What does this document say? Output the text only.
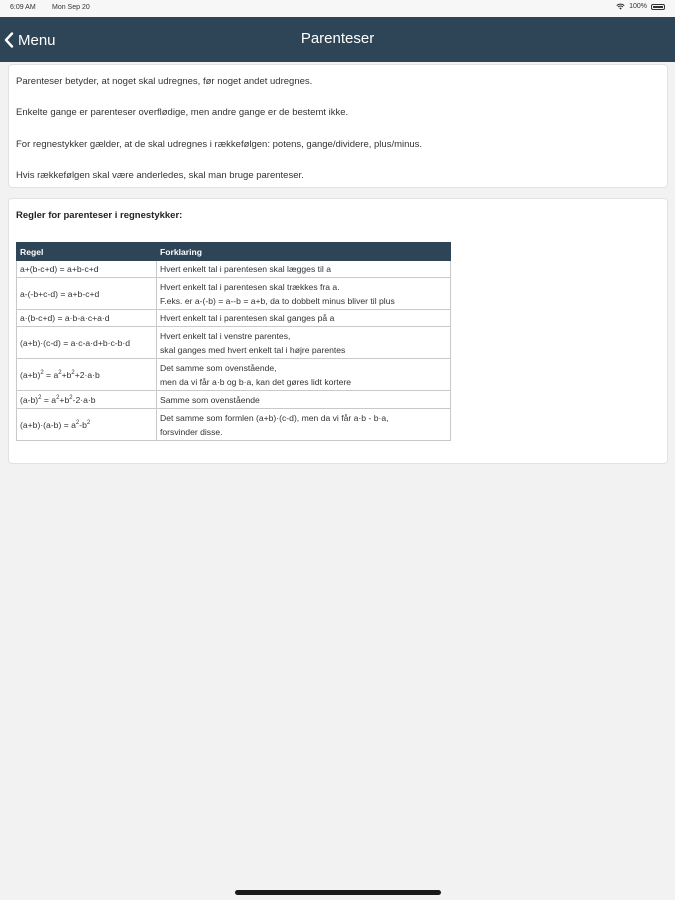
6:09 AM Mon Sep 20	100%
Menu	Parenteser

Parenteser betyder, at noget skal udregnes, før noget andet udregnes.

Enkelte gange er parenteser overflødige, men andre gange er de bestemt ikke.

For regnestykker gælder, at de skal udregnes i rækkefølgen: potens, gange/dividere, plus/minus.

Hvis rækkefølgen skal være anderledes, skal man bruge parenteser.

Regler for parenteser i regnestykker:
Regel	Forklaring
a+(b-c+d) = a+b-c+d	Hvert enkelt tal i parentesen skal lægges til a
a-(-b+c-d) = a+b-c+d	Hvert enkelt tal i parentesen skal trækkes fra a.
F.eks. er a-(-b) = a--b = a+b, da to dobbelt minus bliver til plus
a·(b-c+d) = a·b-a·c+a·d	Hvert enkelt tal i parentesen skal ganges på a
(a+b)·(c-d) = a·c-a·d+b·c-b·d	Hvert enkelt tal i venstre parentes,
skal ganges med hvert enkelt tal i højre parentes
$(a+b)^2 = a^2+b^2+2\cdot a\cdot b$	Det samme som ovenstående,
men da vi får a·b og b·a, kan det gøres lidt kortere
$(a-b)^2 = a^2+b^2-2\cdot a\cdot b$	Samme som ovenstående
$(a+b)\cdot(a-b) = a^2-b^2$	Det samme som formlen (a+b)·(c-d), men da vi får a·b - b·a,
forsvinder disse.
